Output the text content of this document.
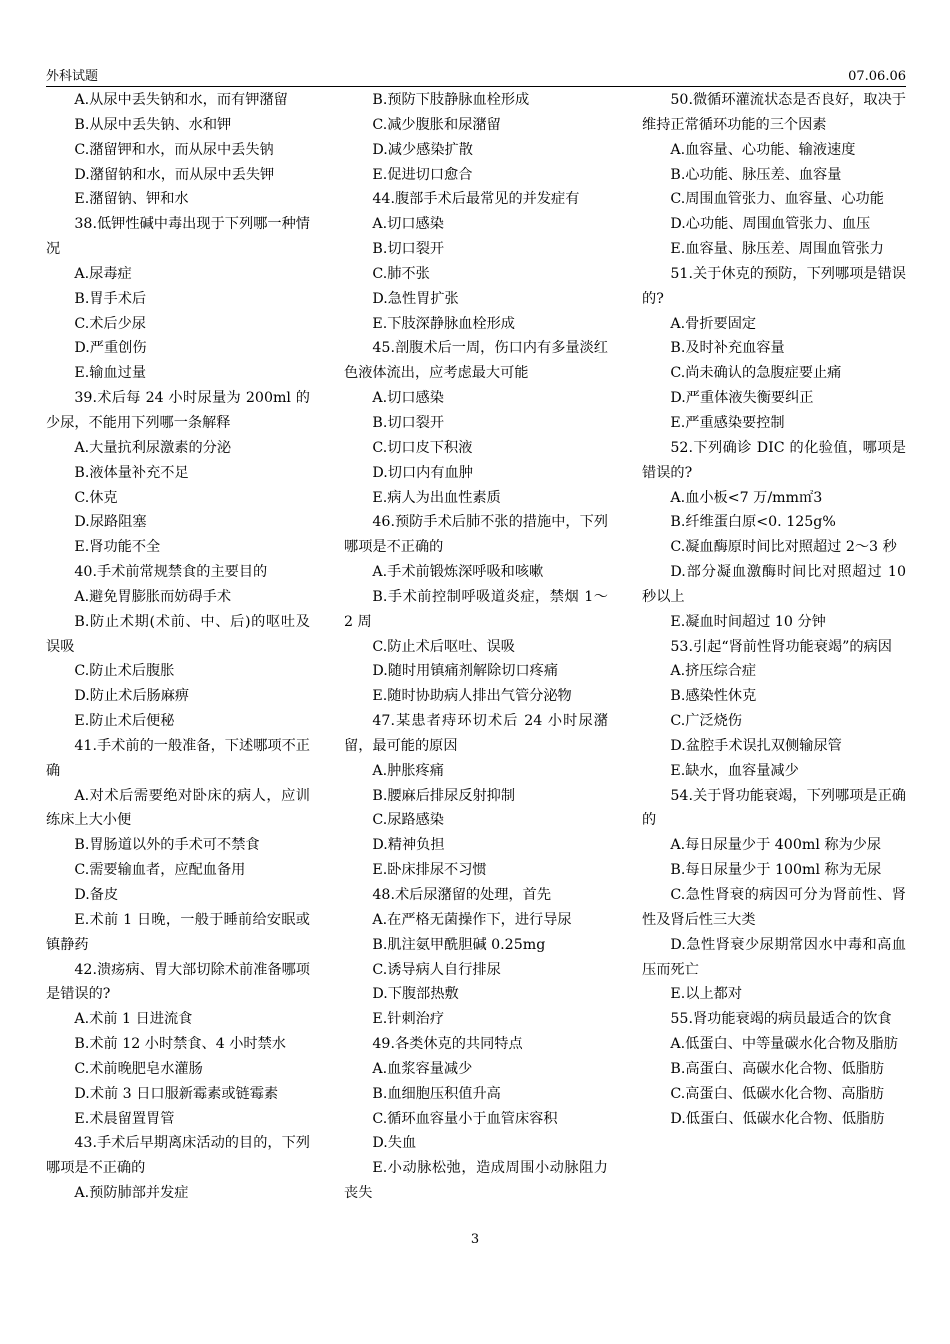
外科试题	07.06.06

A.从尿中丢失钠和水，而有钾潴留

B.从尿中丢失钠、水和钾

C.潴留钾和水，而从尿中丢失钠

D.潴留钠和水，而从尿中丢失钾

E.潴留钠、钾和水

38.低钾性碱中毒出现于下列哪一种情况

A.尿毒症

B.胃手术后

C.术后少尿

D.严重创伤

E.输血过量

39.术后每 24 小时尿量为 200ml 的少尿，不能用下列哪一条解释

A.大量抗利尿激素的分泌

B.液体量补充不足

C.休克

D.尿路阻塞

E.肾功能不全

40.手术前常规禁食的主要目的

A.避免胃膨胀而妨碍手术

B.防止术期(术前、中、后)的呕吐及误吸

C.防止术后腹胀

D.防止术后肠麻痹

E.防止术后便秘

41.手术前的一般准备，下述哪项不正确

A.对术后需要绝对卧床的病人，应训练床上大小便

B.胃肠道以外的手术可不禁食

C.需要输血者，应配血备用

D.备皮

E.术前 1 日晚，一般于睡前给安眠或镇静药

42.溃疡病、胃大部切除术前准备哪项是错误的?

A.术前 1 日进流食

B.术前 12 小时禁食、4 小时禁水

C.术前晚肥皂水灌肠

D.术前 3 日口服新霉素或链霉素

E.术晨留置胃管

43.手术后早期离床活动的目的，下列哪项是不正确的

A.预防肺部并发症

B.预防下肢静脉血栓形成

C.减少腹胀和尿潴留

D.减少感染扩散

E.促进切口愈合

44.腹部手术后最常见的并发症有

A.切口感染

B.切口裂开

C.肺不张

D.急性胃扩张

E.下肢深静脉血栓形成

45.剖腹术后一周，伤口内有多量淡红色液体流出，应考虑最大可能

A.切口感染

B.切口裂开

C.切口皮下积液

D.切口内有血肿

E.病人为出血性素质

46.预防手术后肺不张的措施中，下列哪项是不正确的

A.手术前锻炼深呼吸和咳嗽

B.手术前控制呼吸道炎症，禁烟 1～2 周

C.防止术后呕吐、误吸

D.随时用镇痛剂解除切口疼痛

E.随时协助病人排出气管分泌物

47.某患者痔环切术后 24 小时尿潴留，最可能的原因

A.肿胀疼痛

B.腰麻后排尿反射抑制

C.尿路感染

D.精神负担

E.卧床排尿不习惯

48.术后尿潴留的处理，首先

A.在严格无菌操作下，进行导尿

B.肌注氨甲酰胆碱 0.25mg

C.诱导病人自行排尿

D.下腹部热敷

E.针刺治疗

49.各类休克的共同特点

A.血浆容量减少

B.血细胞压积值升高

C.循环血容量小于血管床容积

D.失血

E.小动脉松弛，造成周围小动脉阻力丧失

50.微循环灌流状态是否良好，取决于维持正常循环功能的三个因素

A.血容量、心功能、输液速度

B.心功能、脉压差、血容量

C.周围血管张力、血容量、心功能

D.心功能、周围血管张力、血压

E.血容量、脉压差、周围血管张力

51.关于休克的预防，下列哪项是错误的?

A.骨折要固定

B.及时补充血容量

C.尚未确认的急腹症要止痛

D.严重体液失衡要纠正

E.严重感染要控制

52.下列确诊 DIC 的化验值，哪项是错误的?

A.血小板<7 万/mm㎡3

B.纤维蛋白原<0. 125g%

C.凝血酶原时间比对照超过 2～3 秒

D.部分凝血激酶时间比对照超过 10 秒以上

E.凝血时间超过 10 分钟

53.引起“肾前性肾功能衰竭”的病因

A.挤压综合症

B.感染性休克

C.广泛烧伤

D.盆腔手术误扎双侧输尿管

E.缺水，血容量减少

54.关于肾功能衰竭，下列哪项是正确的

A.每日尿量少于 400ml 称为少尿

B.每日尿量少于 100ml 称为无尿

C.急性肾衰的病因可分为肾前性、肾性及肾后性三大类

D.急性肾衰少尿期常因水中毒和高血压而死亡

E.以上都对

55.肾功能衰竭的病员最适合的饮食

A.低蛋白、中等量碳水化合物及脂肪

B.高蛋白、高碳水化合物、低脂肪

C.高蛋白、低碳水化合物、高脂肪

D.低蛋白、低碳水化合物、低脂肪

3
